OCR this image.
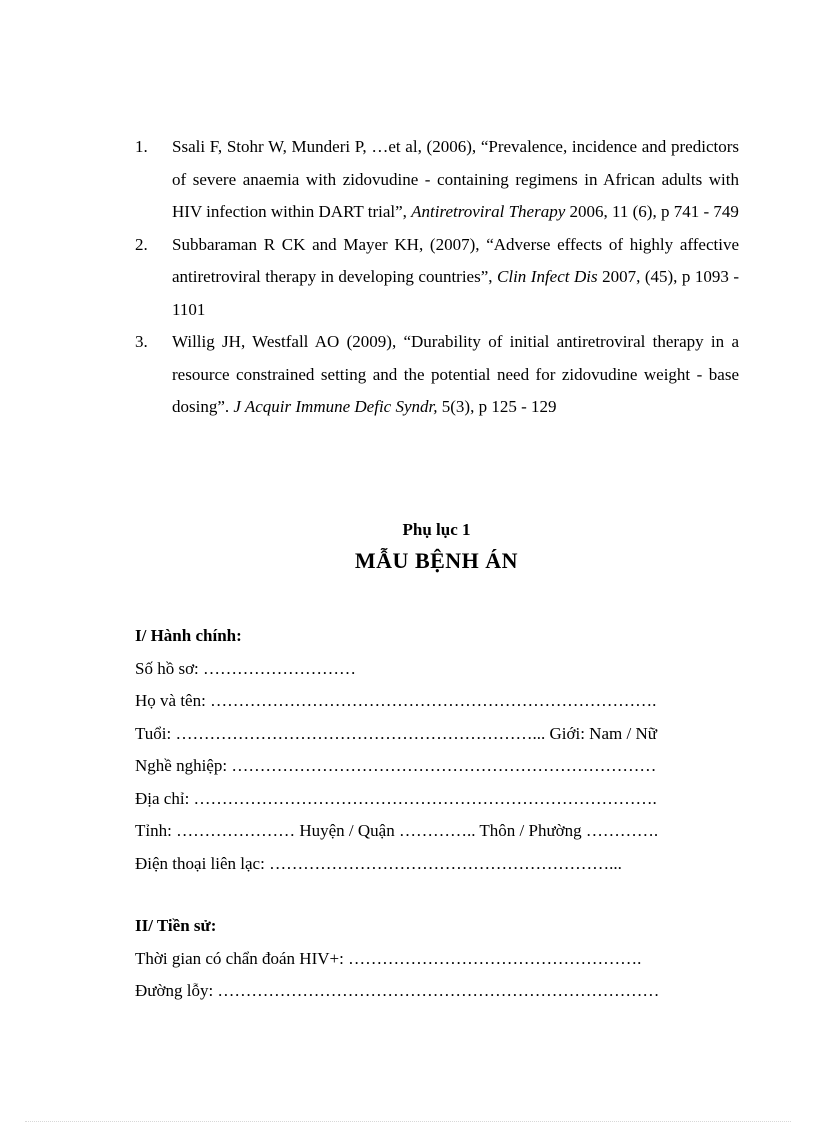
1. Ssali F, Stohr W, Munderi P, …et al, (2006), “Prevalence, incidence and predictors of severe anaemia with zidovudine - containing regimens in African adults with HIV infection within DART trial”, Antiretroviral Therapy 2006, 11 (6), p 741 - 749
2. Subbaraman R CK and Mayer KH, (2007), “Adverse effects of highly affective antiretroviral therapy in developing countries”, Clin Infect Dis 2007, (45), p 1093 - 1101
3. Willig JH, Westfall AO (2009), “Durability of initial antiretroviral therapy in a resource constrained setting and the potential need for zidovudine weight - base dosing”. J Acquir Immune Defic Syndr, 5(3), p 125 - 129
Phụ lục 1
MẪU BỆNH ÁN
I/ Hành chính:
Số hồ sơ: ………………………
Họ và tên: …………………………………………………………………….
Tuổi: ………………………………………………………... Giới: Nam / Nữ
Nghề nghiệp: …………………………………………………………………
Địa chỉ: ……………………………………………………………………….
Tỉnh: ………………… Huyện / Quận ………….. Thôn / Phường ………….
Điện thoại liên lạc: ……………………………………………………...
II/ Tiền sử:
Thời gian có chẩn đoán HIV+: …………………………………………….
Đường lỗy: ……………………………………………………………………
